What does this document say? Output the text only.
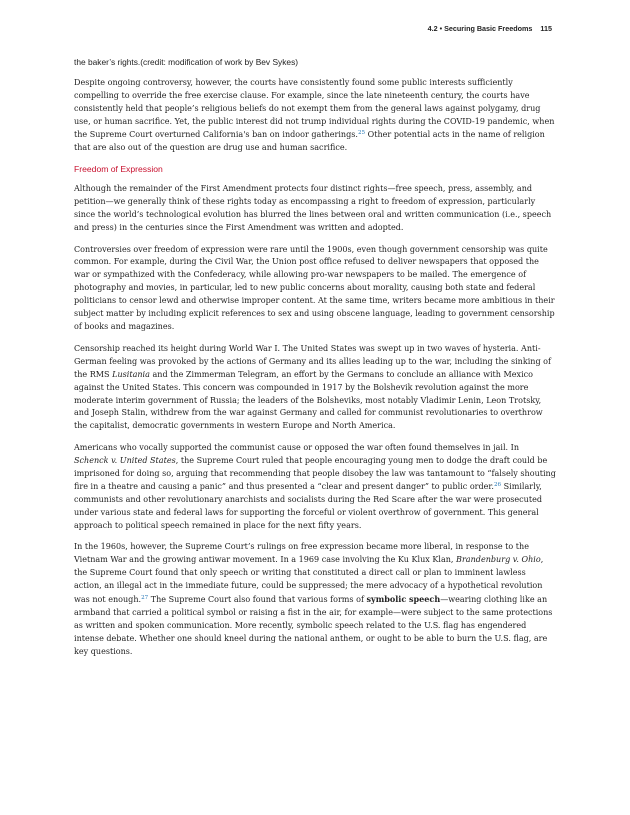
4.2 • Securing Basic Freedoms 115
the baker’s rights.(credit: modification of work by Bev Sykes)

Despite ongoing controversy, however, the courts have consistently found some public interests sufficiently compelling to override the free exercise clause. For example, since the late nineteenth century, the courts have consistently held that people’s religious beliefs do not exempt them from the general laws against polygamy, drug use, or human sacrifice. Yet, the public interest did not trump individual rights during the COVID-19 pandemic, when the Supreme Court overturned California's ban on indoor gatherings.$^{25}$ Other potential acts in the name of religion that are also out of the question are drug use and human sacrifice.

Freedom of Expression

Although the remainder of the First Amendment protects four distinct rights—free speech, press, assembly, and petition—we generally think of these rights today as encompassing a right to freedom of expression, particularly since the world’s technological evolution has blurred the lines between oral and written communication (i.e., speech and press) in the centuries since the First Amendment was written and adopted.

Controversies over freedom of expression were rare until the 1900s, even though government censorship was quite common. For example, during the Civil War, the Union post office refused to deliver newspapers that opposed the war or sympathized with the Confederacy, while allowing pro-war newspapers to be mailed. The emergence of photography and movies, in particular, led to new public concerns about morality, causing both state and federal politicians to censor lewd and otherwise improper content. At the same time, writers became more ambitious in their subject matter by including explicit references to sex and using obscene language, leading to government censorship of books and magazines.

Censorship reached its height during World War I. The United States was swept up in two waves of hysteria. Anti-German feeling was provoked by the actions of Germany and its allies leading up to the war, including the sinking of the RMS Lusitania and the Zimmerman Telegram, an effort by the Germans to conclude an alliance with Mexico against the United States. This concern was compounded in 1917 by the Bolshevik revolution against the more moderate interim government of Russia; the leaders of the Bolsheviks, most notably Vladimir Lenin, Leon Trotsky, and Joseph Stalin, withdrew from the war against Germany and called for communist revolutionaries to overthrow the capitalist, democratic governments in western Europe and North America.

Americans who vocally supported the communist cause or opposed the war often found themselves in jail. In Schenck v. United States, the Supreme Court ruled that people encouraging young men to dodge the draft could be imprisoned for doing so, arguing that recommending that people disobey the law was tantamount to “falsely shouting fire in a theatre and causing a panic” and thus presented a “clear and present danger” to public order.$^{26}$ Similarly, communists and other revolutionary anarchists and socialists during the Red Scare after the war were prosecuted under various state and federal laws for supporting the forceful or violent overthrow of government. This general approach to political speech remained in place for the next fifty years.

In the 1960s, however, the Supreme Court’s rulings on free expression became more liberal, in response to the Vietnam War and the growing antiwar movement. In a 1969 case involving the Ku Klux Klan, Brandenburg v. Ohio, the Supreme Court found that only speech or writing that constituted a direct call or plan to imminent lawless action, an illegal act in the immediate future, could be suppressed; the mere advocacy of a hypothetical revolution was not enough.$^{27}$ The Supreme Court also found that various forms of symbolic speech—wearing clothing like an armband that carried a political symbol or raising a fist in the air, for example—were subject to the same protections as written and spoken communication. More recently, symbolic speech related to the U.S. flag has engendered intense debate. Whether one should kneel during the national anthem, or ought to be able to burn the U.S. flag, are key questions.
